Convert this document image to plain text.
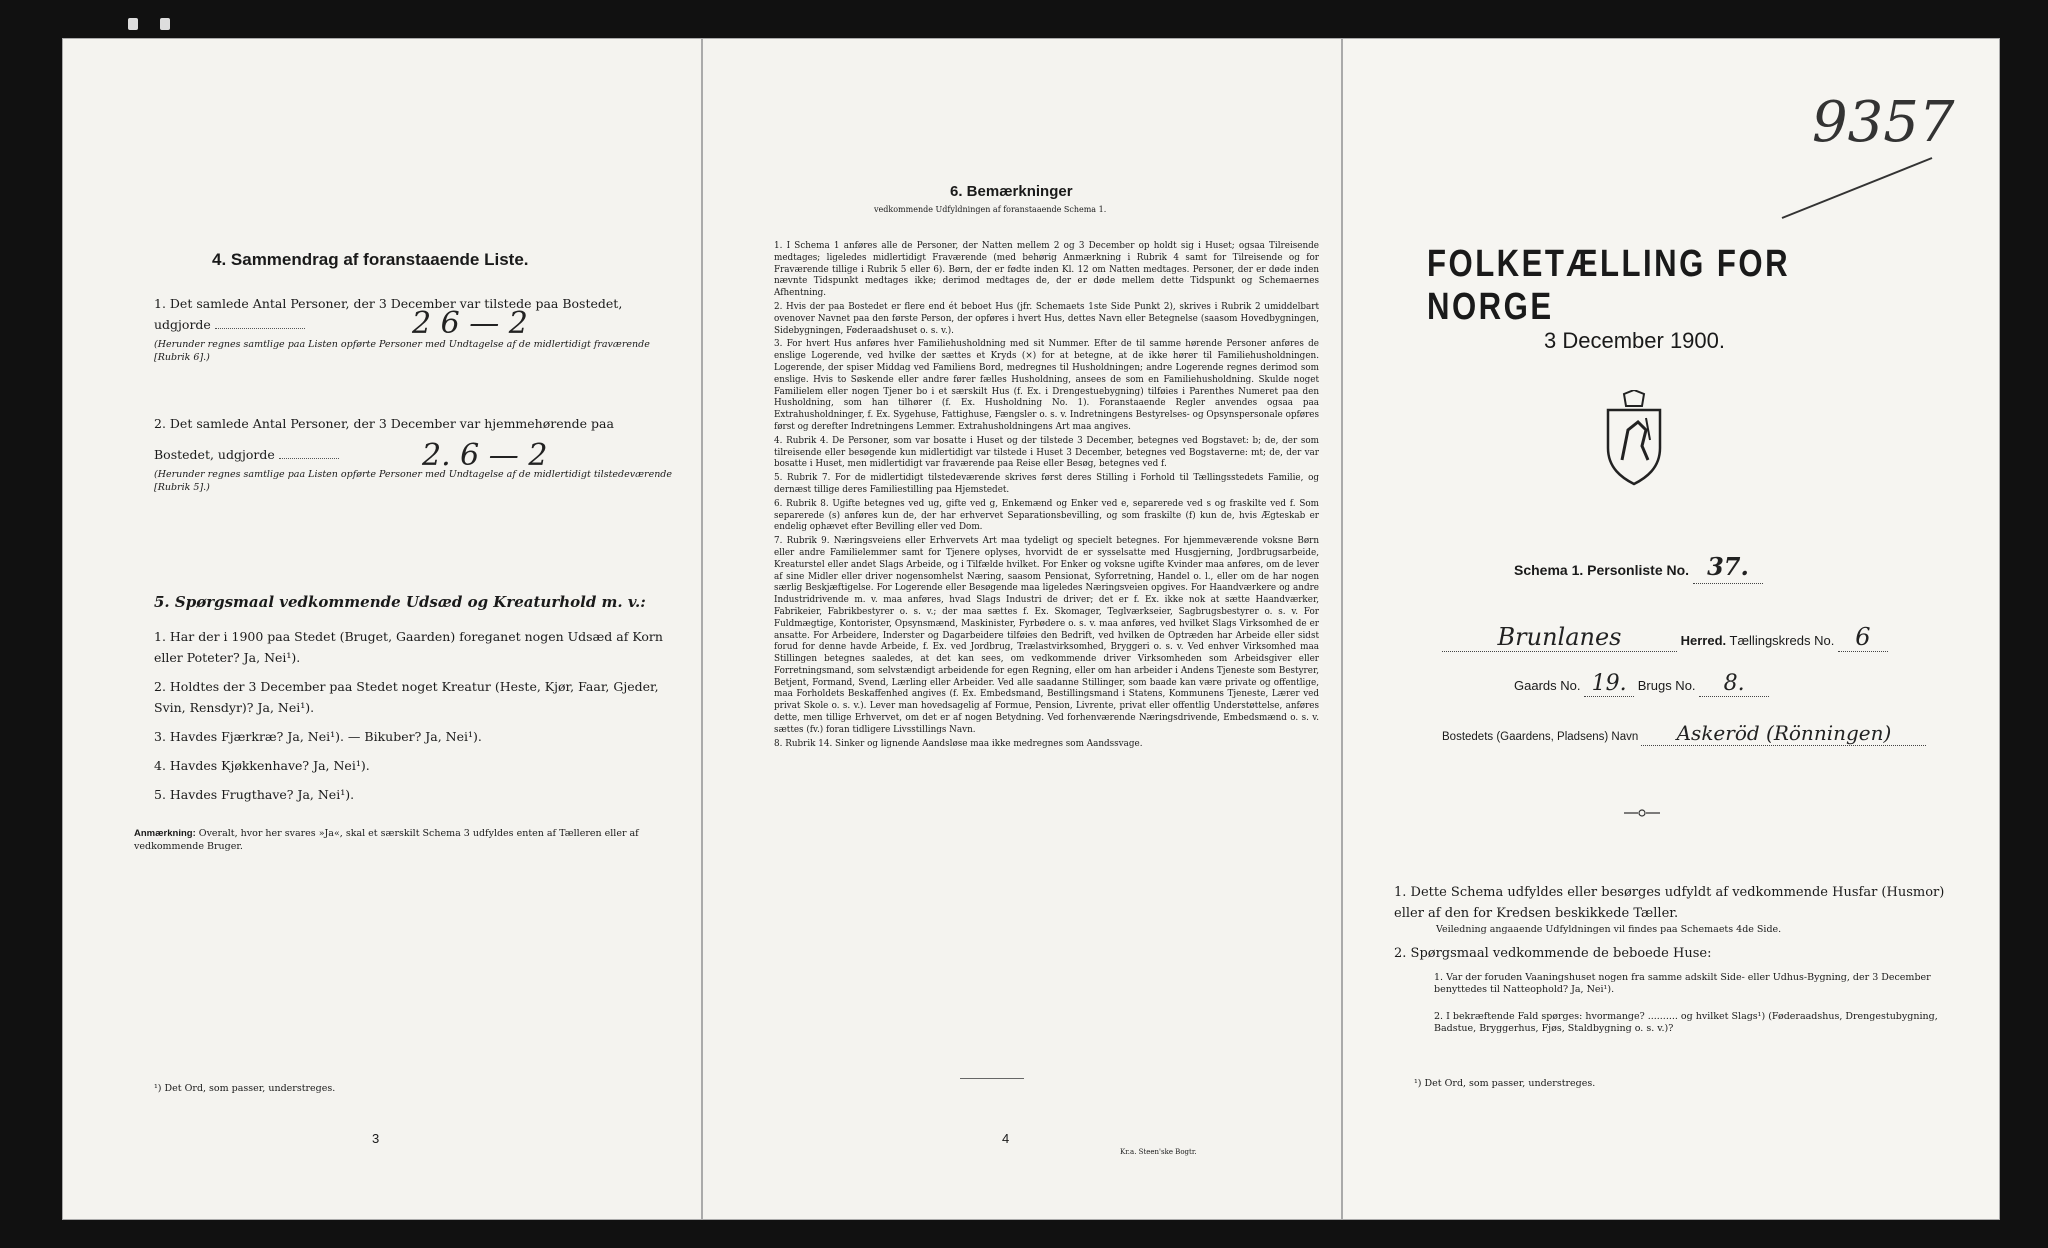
4. Sammendrag af foranstaaende Liste.

1. Det samlede Antal Personer, der 3 December var tilstede paa Bostedet,

udgjorde

(Herunder regnes samtlige paa Listen opførte Personer med Undtagelse af de midlertidigt fraværende [Rubrik 6].)

2 6 — 2

2. Det samlede Antal Personer, der 3 December var hjemmehørende paa

Bostedet, udgjorde

(Herunder regnes samtlige paa Listen opførte Personer med Undtagelse af de midlertidigt tilstedeværende [Rubrik 5].)

2. 6 — 2
5. Spørgsmaal vedkommende Udsæd og Kreaturhold m. v.:

1. Har der i 1900 paa Stedet (Bruget, Gaarden) foreganet nogen Udsæd af Korn eller Poteter? Ja, Nei¹).

2. Holdtes der 3 December paa Stedet noget Kreatur (Heste, Kjør, Faar, Gjeder, Svin, Rensdyr)? Ja, Nei¹).

3. Havdes Fjærkræ? Ja, Nei¹). — Bikuber? Ja, Nei¹).

4. Havdes Kjøkkenhave? Ja, Nei¹).

5. Havdes Frugthave? Ja, Nei¹).

Anmærkning: Overalt, hvor her svares »Ja«, skal et særskilt Schema 3 udfyldes enten af Tælleren eller af vedkommende Bruger.
¹) Det Ord, som passer, understreges.
3
6. Bemærkninger
vedkommende Udfyldningen af foranstaaende Schema 1.

1. I Schema 1 anføres alle de Personer, der Natten mellem 2 og 3 December op holdt sig i Huset; ogsaa Tilreisende medtages; ligeledes midlertidigt Fraværende (med behørig Anmærkning i Rubrik 4 samt for Tilreisende og for Fraværende tillige i Rubrik 5 eller 6). Børn, der er fødte inden Kl. 12 om Natten medtages. Personer, der er døde inden nævnte Tidspunkt medtages ikke; derimod medtages de, der er døde mellem dette Tidspunkt og Schemaernes Afhentning.

2. Hvis der paa Bostedet er flere end ét beboet Hus (jfr. Schemaets 1ste Side Punkt 2), skrives i Rubrik 2 umiddelbart ovenover Navnet paa den første Person, der opføres i hvert Hus, dettes Navn eller Betegnelse (saasom Hovedbygningen, Sidebygningen, Føderaadshuset o. s. v.).

3. For hvert Hus anføres hver Familiehusholdning med sit Nummer. Efter de til samme hørende Personer anføres de enslige Logerende, ved hvilke der sættes et Kryds (×) for at betegne, at de ikke hører til Familiehusholdningen. Logerende, der spiser Middag ved Familiens Bord, medregnes til Husholdningen; andre Logerende regnes derimod som enslige. Hvis to Søskende eller andre fører fælles Husholdning, ansees de som en Familiehusholdning. Skulde noget Familielem eller nogen Tjener bo i et særskilt Hus (f. Ex. i Drengestuebygning) tilføies i Parenthes Numeret paa den Husholdning, som han tilhører (f. Ex. Husholdning No. 1). Foranstaaende Regler anvendes ogsaa paa Extrahusholdninger, f. Ex. Sygehuse, Fattighuse, Fængsler o. s. v. Indretningens Bestyrelses- og Opsynspersonale opføres først og derefter Indretningens Lemmer. Extrahusholdningens Art maa angives.

4. Rubrik 4. De Personer, som var bosatte i Huset og der tilstede 3 December, betegnes ved Bogstavet: b; de, der som tilreisende eller besøgende kun midlertidigt var tilstede i Huset 3 December, betegnes ved Bogstaverne: mt; de, der var bosatte i Huset, men midlertidigt var fraværende paa Reise eller Besøg, betegnes ved f.

5. Rubrik 7. For de midlertidigt tilstedeværende skrives først deres Stilling i Forhold til Tællingsstedets Familie, og dernæst tillige deres Familiestilling paa Hjemstedet.

6. Rubrik 8. Ugifte betegnes ved ug, gifte ved g, Enkemænd og Enker ved e, separerede ved s og fraskilte ved f. Som separerede (s) anføres kun de, der har erhvervet Separationsbevilling, og som fraskilte (f) kun de, hvis Ægteskab er endelig ophævet efter Bevilling eller ved Dom.

7. Rubrik 9. Næringsveiens eller Erhvervets Art maa tydeligt og specielt betegnes. For hjemmeværende voksne Børn eller andre Familielemmer samt for Tjenere oplyses, hvorvidt de er sysselsatte med Husgjerning, Jordbrugsarbeide, Kreaturstel eller andet Slags Arbeide, og i Tilfælde hvilket. For Enker og voksne ugifte Kvinder maa anføres, om de lever af sine Midler eller driver nogensomhelst Næring, saasom Pensionat, Syforretning, Handel o. l., eller om de har nogen særlig Beskjæftigelse. For Logerende eller Besøgende maa ligeledes Næringsveien opgives. For Haandværkere og andre Industridrivende m. v. maa anføres, hvad Slags Industri de driver; det er f. Ex. ikke nok at sætte Haandværker, Fabrikeier, Fabrikbestyrer o. s. v.; der maa sættes f. Ex. Skomager, Teglværkseier, Sagbrugsbestyrer o. s. v. For Fuldmægtige, Kontorister, Opsynsmænd, Maskinister, Fyrbødere o. s. v. maa anføres, ved hvilket Slags Virksomhed de er ansatte. For Arbeidere, Inderster og Dagarbeidere tilføies den Bedrift, ved hvilken de Optræden har Arbeide eller sidst forud for denne havde Arbeide, f. Ex. ved Jordbrug, Trælastvirksomhed, Bryggeri o. s. v. Ved enhver Virksomhed maa Stillingen betegnes saaledes, at det kan sees, om vedkommende driver Virksomheden som Arbeidsgiver eller Forretningsmand, som selvstændigt arbeidende for egen Regning, eller om han arbeider i Andens Tjeneste som Bestyrer, Betjent, Formand, Svend, Lærling eller Arbeider. Ved alle saadanne Stillinger, som baade kan være private og offentlige, maa Forholdets Beskaffenhed angives (f. Ex. Embedsmand, Bestillingsmand i Statens, Kommunens Tjeneste, Lærer ved privat Skole o. s. v.). Lever man hovedsagelig af Formue, Pension, Livrente, privat eller offentlig Understøttelse, anføres dette, men tillige Erhvervet, om det er af nogen Betydning. Ved forhenværende Næringsdrivende, Embedsmænd o. s. v. sættes (fv.) foran tidligere Livsstillings Navn.

8. Rubrik 14. Sinker og lignende Aandsløse maa ikke medregnes som Aandssvage.

4
Kr.a. Steen'ske Bogtr.
9357
FOLKETÆLLING FOR NORGE
3 December 1900.
Schema 1. Personliste No. 37.
Brunlanes	Herred. Tællingskreds No. 6
Gaards No. 19. Brugs No. 8.
Bostedets (Gaardens, Pladsens) Navn Askeröd (Rönningen)

1. Dette Schema udfyldes eller besørges udfyldt af vedkommende Husfar (Husmor) eller af den for Kredsen beskikkede Tæller.

Veiledning angaaende Udfyldningen vil findes paa Schemaets 4de Side.

2. Spørgsmaal vedkommende de beboede Huse:

1. Var der foruden Vaaningshuset nogen fra samme adskilt Side- eller Udhus-Bygning, der 3 December benyttedes til Natteophold? Ja, Nei¹).

2. I bekræftende Fald spørges: hvormange? .......... og hvilket Slags¹) (Føderaadshus, Drengestubygning, Badstue, Bryggerhus, Fjøs, Staldbygning o. s. v.)?

¹) Det Ord, som passer, understreges.
